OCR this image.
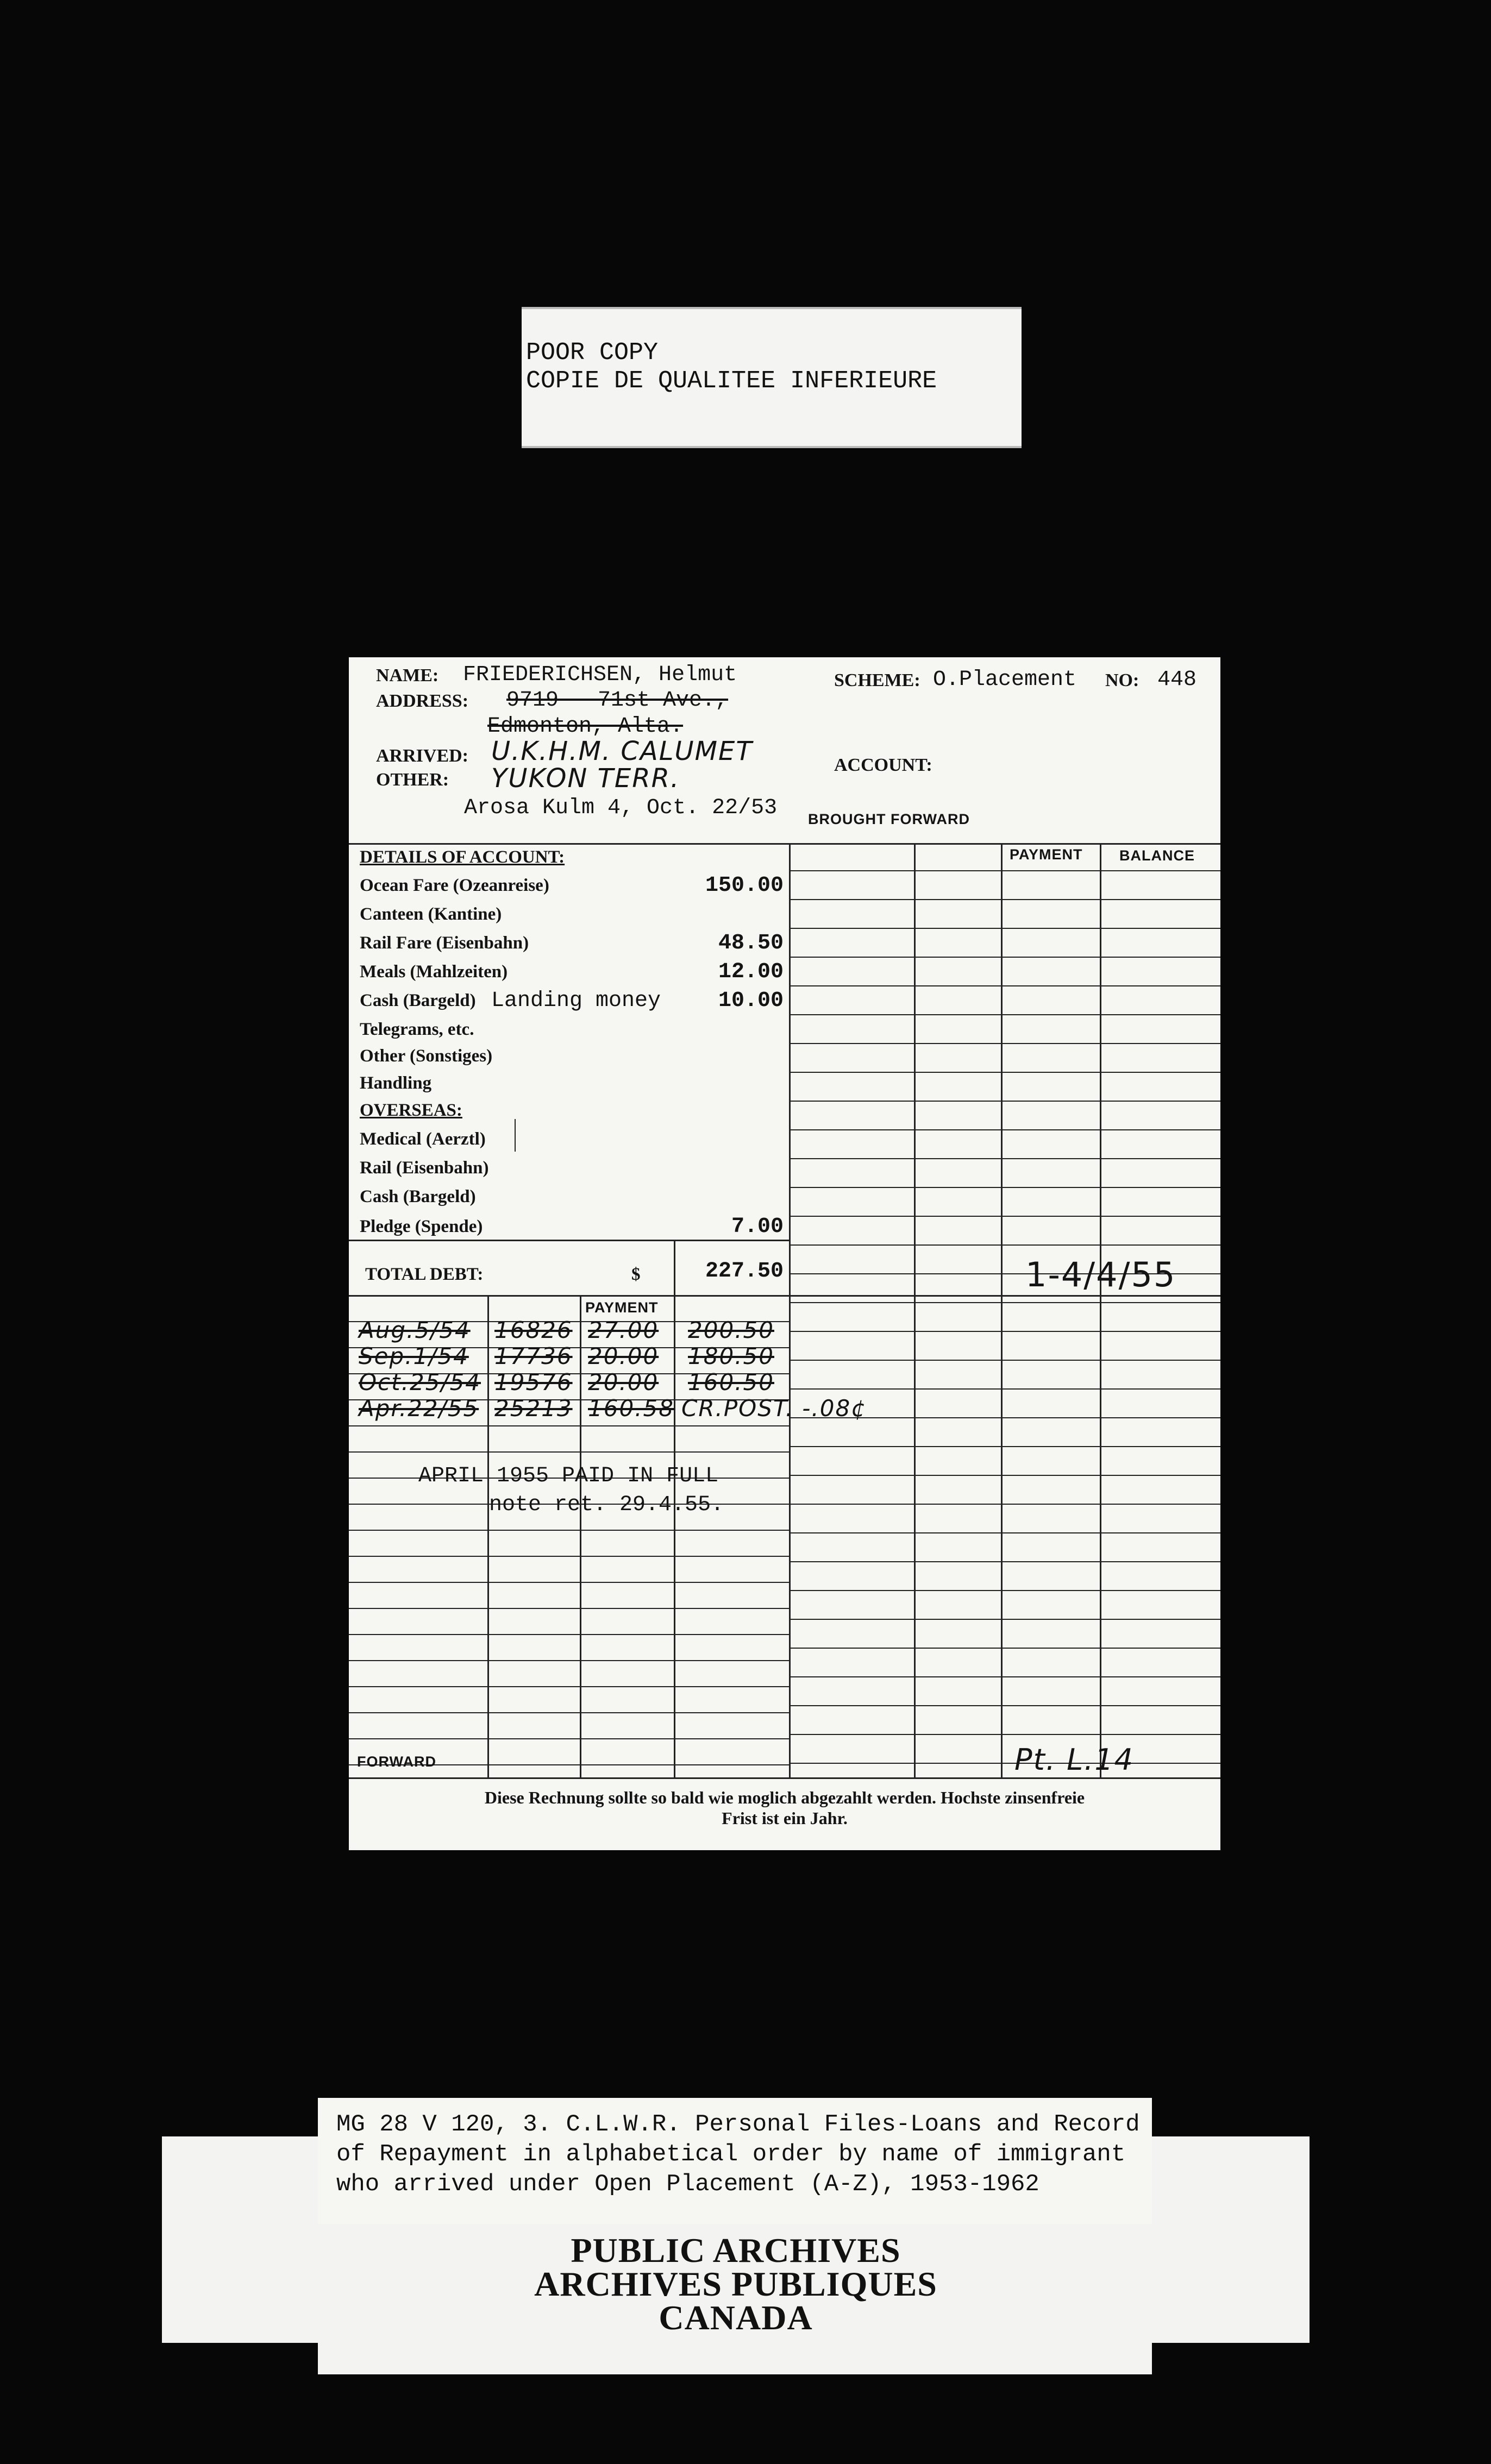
POOR COPY
COPIE DE QUALITEE INFERIEURE
NAME: FRIEDERICHSEN, Helmut
ADDRESS: 9719 - 71st Ave.,
Edmonton, Alta.
ARRIVED: U.K.H.M. CALUMET
OTHER: YUKON TERR.
Arosa Kulm 4, Oct. 22/53
SCHEME: O.Placement NO: 448
ACCOUNT:
BROUGHT FORWARD
PAYMENT BALANCE
DETAILS OF ACCOUNT:
Ocean Fare (Ozeanreise)	150.00
Canteen (Kantine)
Rail Fare (Eisenbahn)	48.50
Meals (Mahlzeiten)	12.00
Cash (Bargeld) Landing money	10.00
Telegrams, etc.
Other (Sonstiges)
Handling
OVERSEAS:
Medical (Aerztl)
Rail (Eisenbahn)
Cash (Bargeld)
Pledge (Spende)	7.00
TOTAL DEBT:	$	227.50
PAYMENT
Aug.5/54 16826 27.00 200.50
Sep.1/54 17736 20.00 180.50
Oct.25/54 19576 20.00 160.50
Apr.22/55 25213 160.58 CR.POST. -.08¢
APRIL 1955 PAID IN FULL
note ret. 29.4.55.
1-4/4/55
FORWARD	Pt. L.14
Diese Rechnung sollte so bald wie moglich abgezahlt werden. Hochste zinsenfreie
Frist ist ein Jahr.
MG 28 V 120, 3. C.L.W.R. Personal Files-Loans and Record
of Repayment in alphabetical order by name of immigrant
who arrived under Open Placement (A-Z), 1953-1962
PUBLIC ARCHIVES
ARCHIVES PUBLIQUES
CANADA
